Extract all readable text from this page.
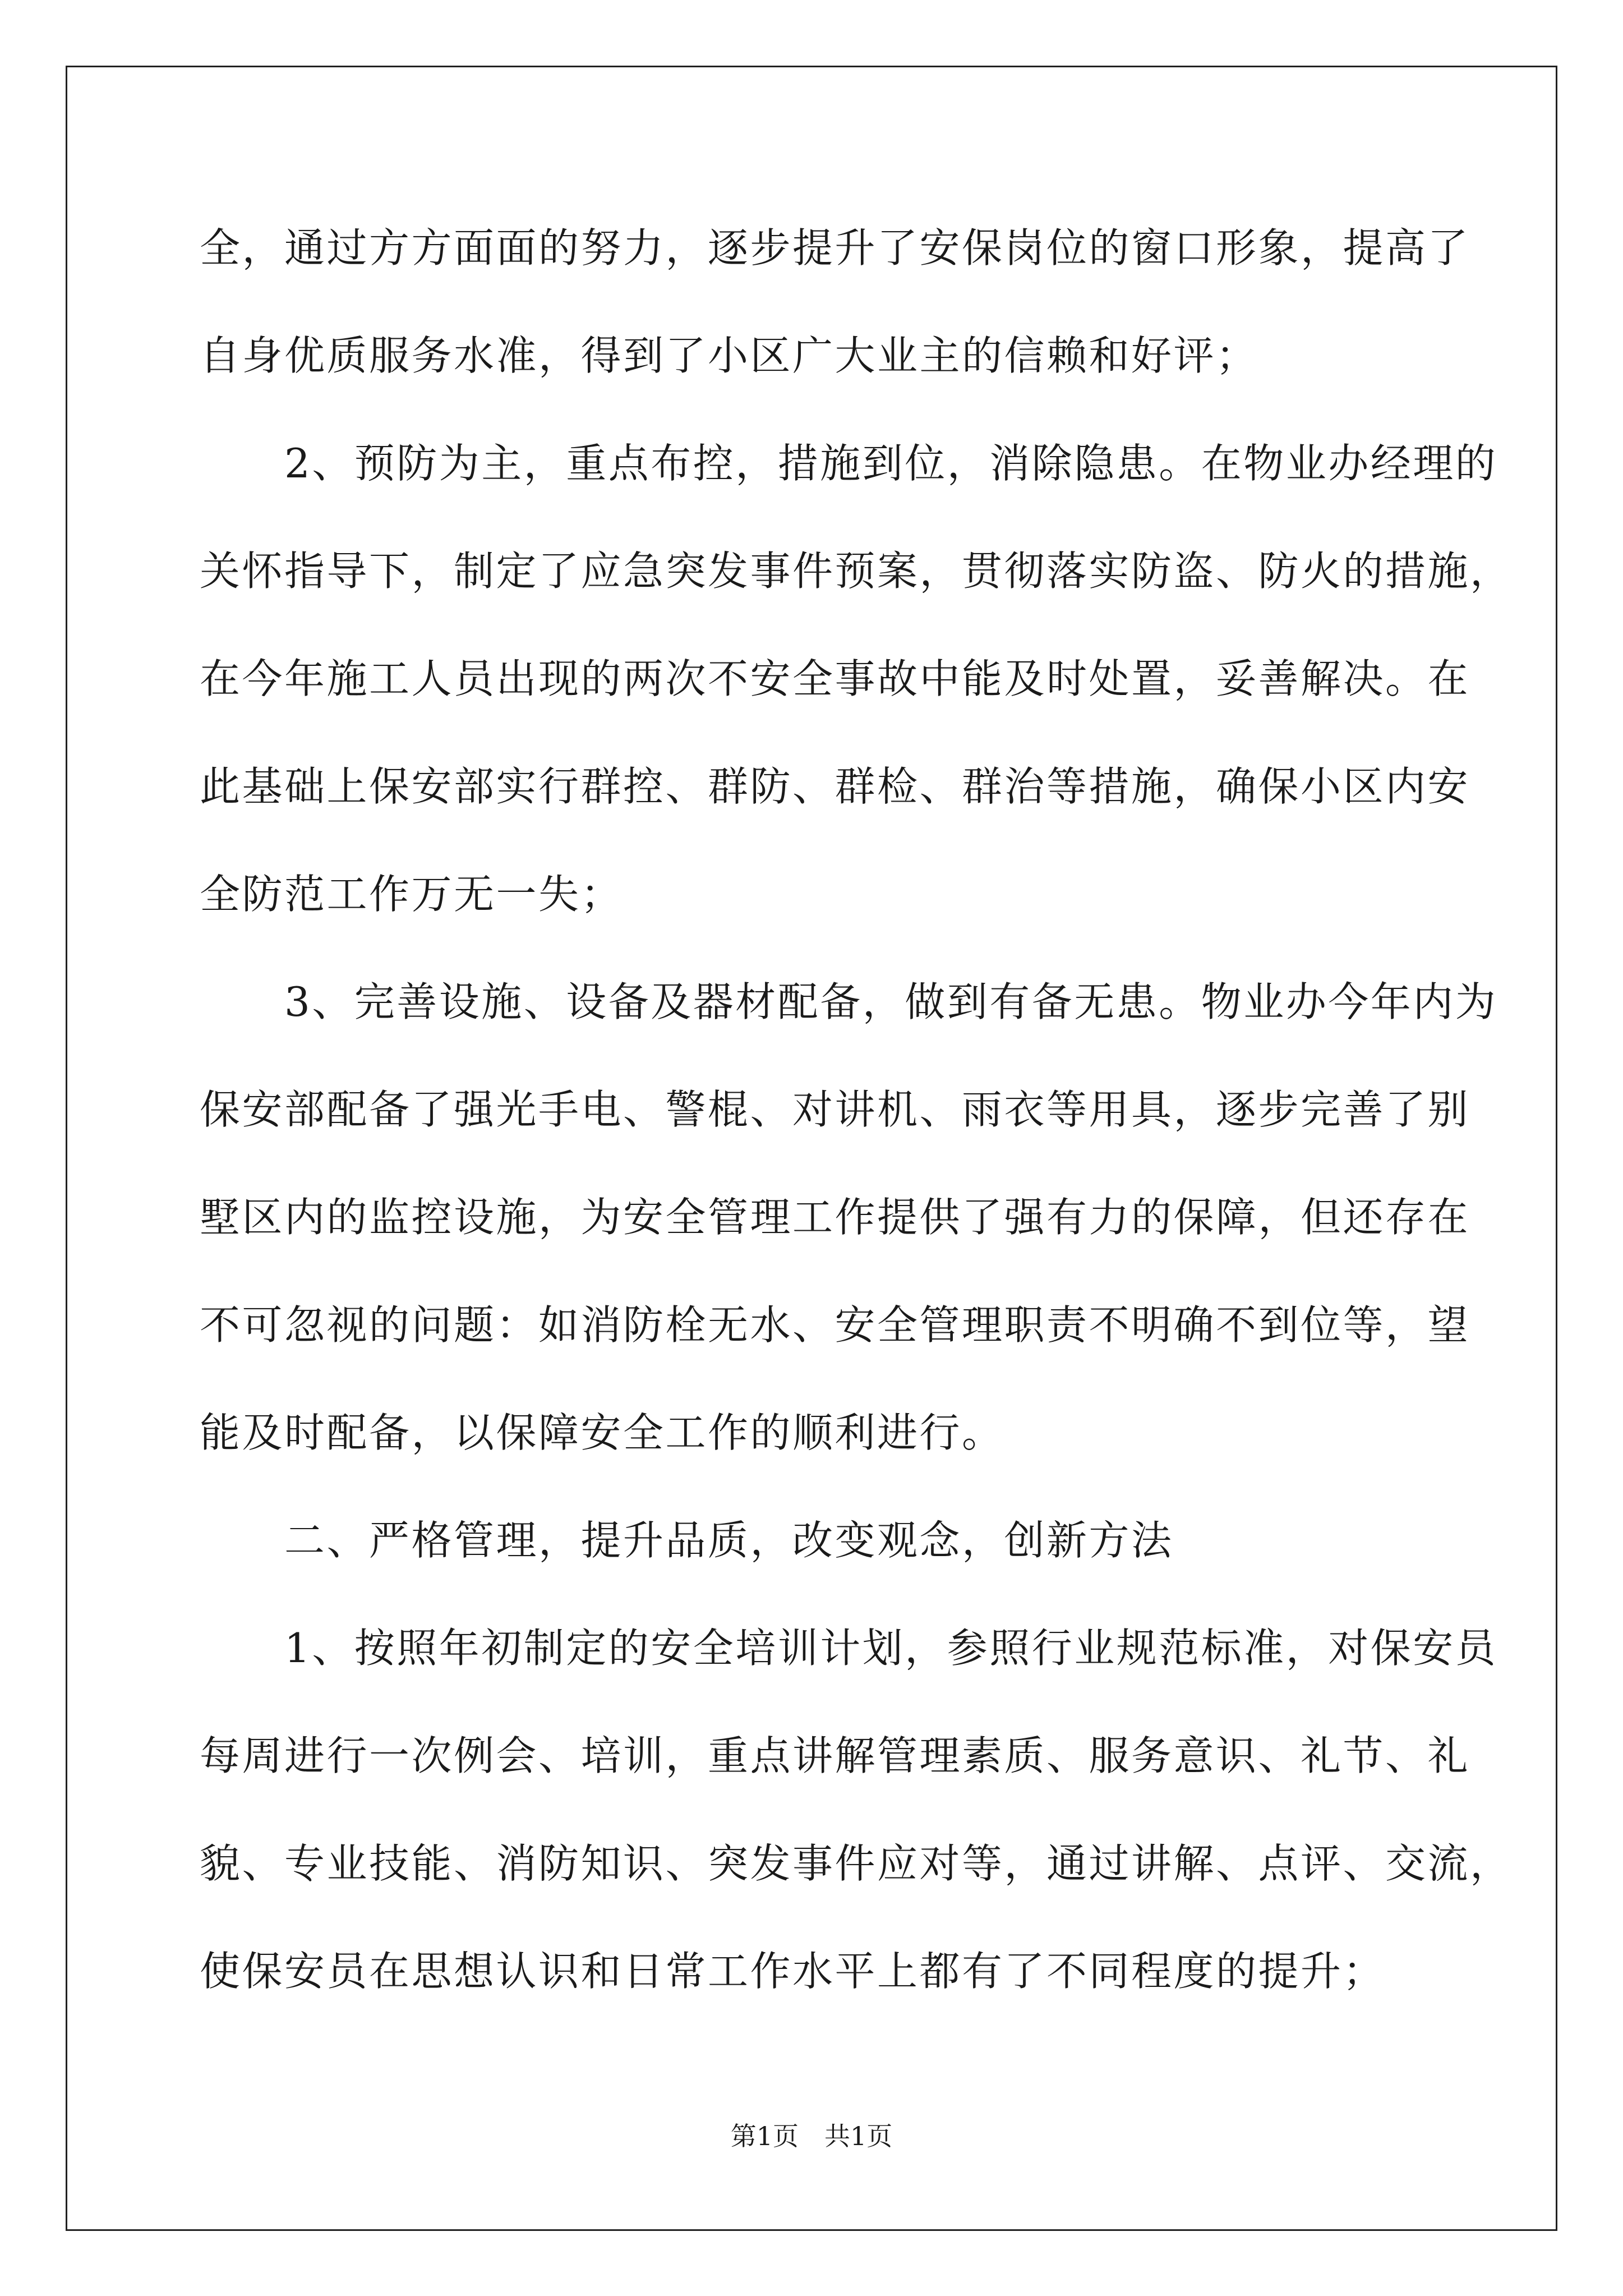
全，通过方方面面的努力，逐步提升了安保岗位的窗口形象，提高了
自身优质服务水准，得到了小区广大业主的信赖和好评；
　　2、预防为主，重点布控，措施到位，消除隐患。在物业办经理的
关怀指导下，制定了应急突发事件预案，贯彻落实防盗、防火的措施，
在今年施工人员出现的两次不安全事故中能及时处置，妥善解决。在
此基础上保安部实行群控、群防、群检、群治等措施，确保小区内安
全防范工作万无一失；
　　3、完善设施、设备及器材配备，做到有备无患。物业办今年内为
保安部配备了强光手电、警棍、对讲机、雨衣等用具，逐步完善了别
墅区内的监控设施，为安全管理工作提供了强有力的保障，但还存在
不可忽视的问题：如消防栓无水、安全管理职责不明确不到位等，望
能及时配备，以保障安全工作的顺利进行。
　　二、严格管理，提升品质，改变观念，创新方法
　　1、按照年初制定的安全培训计划，参照行业规范标准，对保安员
每周进行一次例会、培训，重点讲解管理素质、服务意识、礼节、礼
貌、专业技能、消防知识、突发事件应对等，通过讲解、点评、交流，
使保安员在思想认识和日常工作水平上都有了不同程度的提升；
第1页　共1页
